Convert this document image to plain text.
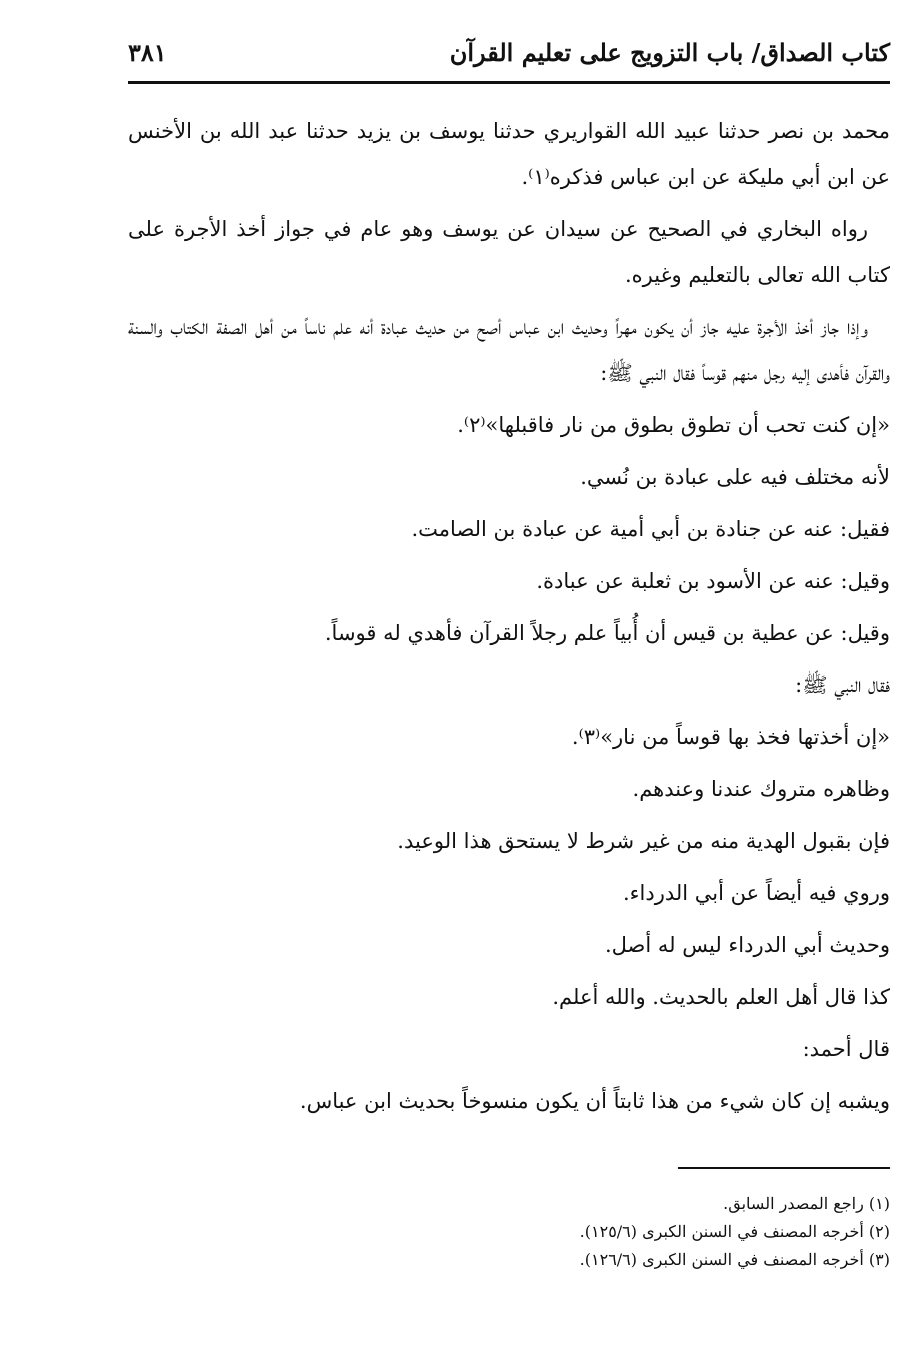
كتاب الصداق/ باب التزويج على تعليم القرآن
٣٨١

محمد بن نصر حدثنا عبيد الله القواريري حدثنا يوسف بن يزيد حدثنا عبد الله بن الأخنس عن ابن أبي مليكة عن ابن عباس فذكره⁽١⁾.

رواه البخاري في الصحيح عن سيدان عن يوسف وهو عام في جواز أخذ الأجرة على كتاب الله تعالى بالتعليم وغيره.

وإذا جاز أخذ الأجرة عليه جاز أن يكون مهراً وحديث ابن عباس أصح من حديث عبادة أنه علم ناساً من أهل الصفة الكتاب والسنة والقرآن فأهدى إليه رجل منهم قوساً فقال النبي ﷺ:

«إن كنت تحب أن تطوق بطوق من نار فاقبلها»⁽٢⁾.

لأنه مختلف فيه على عبادة بن نُسي.

فقيل: عنه عن جنادة بن أبي أمية عن عبادة بن الصامت.

وقيل: عنه عن الأسود بن ثعلبة عن عبادة.

وقيل: عن عطية بن قيس أن أُبياً علم رجلاً القرآن فأهدي له قوساً.

فقال النبي ﷺ:

«إن أخذتها فخذ بها قوساً من نار»⁽٣⁾.

وظاهره متروك عندنا وعندهم.

فإن بقبول الهدية منه من غير شرط لا يستحق هذا الوعيد.

وروي فيه أيضاً عن أبي الدرداء.

وحديث أبي الدرداء ليس له أصل.

كذا قال أهل العلم بالحديث. والله أعلم.

قال أحمد:

ويشبه إن كان شيء من هذا ثابتاً أن يكون منسوخاً بحديث ابن عباس.

(١) راجع المصدر السابق.

(٢) أخرجه المصنف في السنن الكبرى (١٢٥/٦).

(٣) أخرجه المصنف في السنن الكبرى (١٢٦/٦).
